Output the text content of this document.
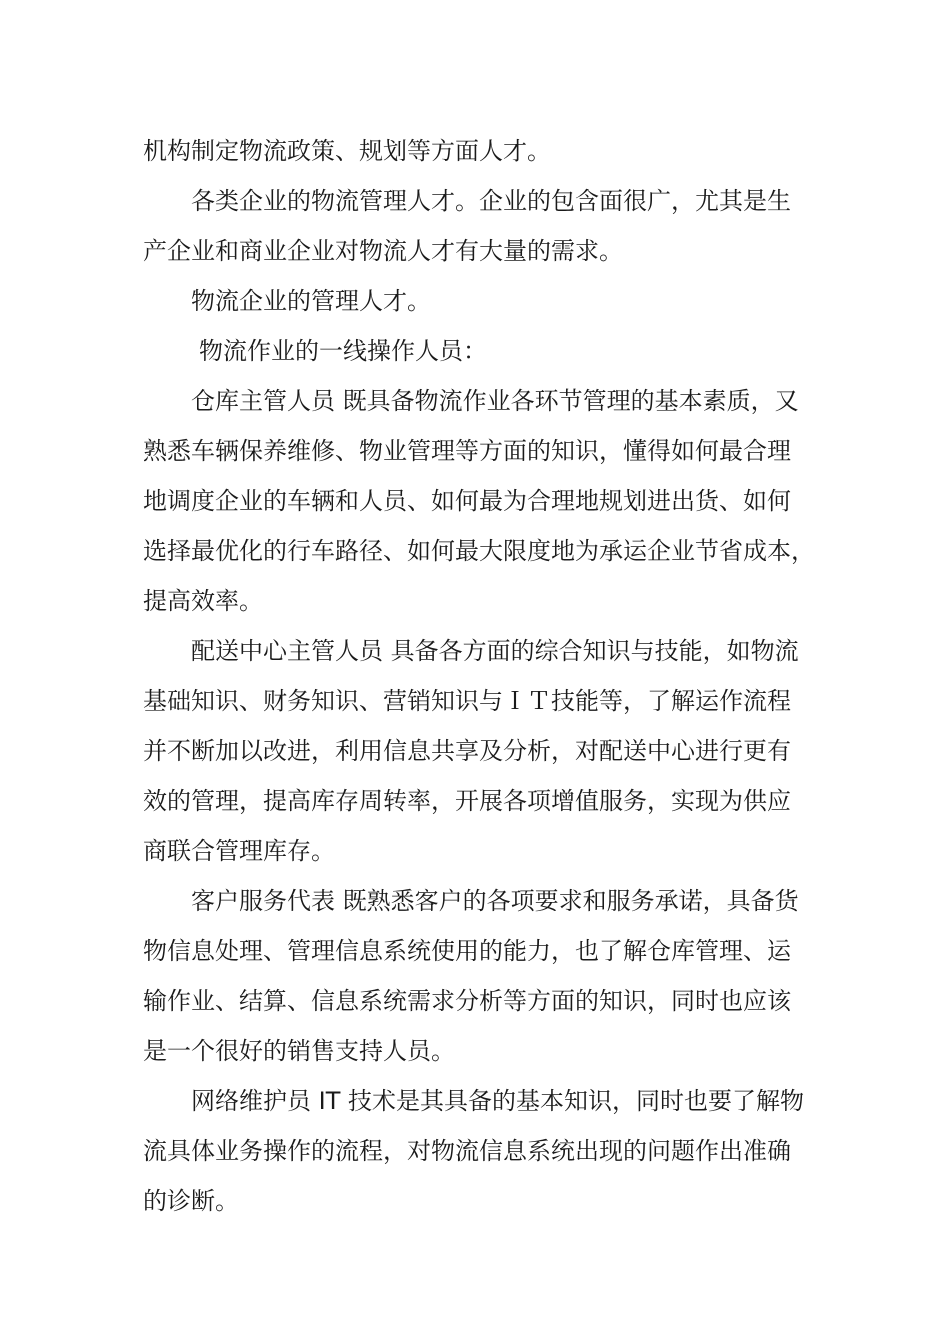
机构制定物流政策、规划等方面人才。
各类企业的物流管理人才。企业的包含面很广，尤其是生
产企业和商业企业对物流人才有大量的需求。
物流企业的管理人才。
物流作业的一线操作人员：
仓库主管人员 既具备物流作业各环节管理的基本素质，又
熟悉车辆保养维修、物业管理等方面的知识，懂得如何最合理
地调度企业的车辆和人员、如何最为合理地规划进出货、如何
选择最优化的行车路径、如何最大限度地为承运企业节省成本，
提高效率。
配送中心主管人员 具备各方面的综合知识与技能，如物流
基础知识、财务知识、营销知识与ＩＴ技能等，了解运作流程
并不断加以改进，利用信息共享及分析，对配送中心进行更有
效的管理，提高库存周转率，开展各项增值服务，实现为供应
商联合管理库存。
客户服务代表 既熟悉客户的各项要求和服务承诺，具备货
物信息处理、管理信息系统使用的能力，也了解仓库管理、运
输作业、结算、信息系统需求分析等方面的知识，同时也应该
是一个很好的销售支持人员。
网络维护员 IT 技术是其具备的基本知识，同时也要了解物
流具体业务操作的流程，对物流信息系统出现的问题作出准确
的诊断。
